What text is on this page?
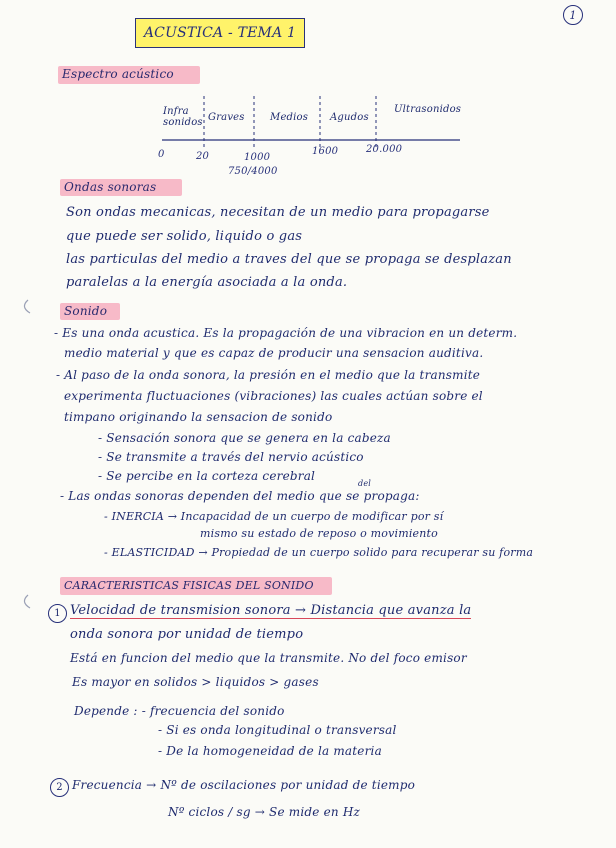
ACUSTICA - TEMA 1
1
Espectro acústico
Infra sonidos Graves	Medios Agudos
Ultrasonidos
0	20	1000
1600	20.000
750/4000
Ondas sonoras
Son ondas mecanicas, necesitan de un medio para propagarse
que puede ser solido, liquido o gas
las particulas del medio a traves del que se propaga se desplazan
paralelas a la energía asociada a la onda.
Sonido
- Es una onda acustica. Es la propagación de una vibracion en un determ.
medio material y que es capaz de producir una sensacion auditiva.
- Al paso de la onda sonora, la presión en el medio que la transmite
experimenta fluctuaciones (vibraciones) las cuales actúan sobre el
timpano originando la sensacion de sonido
- Sensación sonora que se genera en la cabeza
- Se transmite a través del nervio acústico
- Se percibe en la corteza cerebral
del
- Las ondas sonoras dependen del medio que se propaga:
- INERCIA → Incapacidad de un cuerpo de modificar por sí
mismo su estado de reposo o movimiento
- ELASTICIDAD → Propiedad de un cuerpo solido para recuperar su forma
CARACTERISTICAS FISICAS DEL SONIDO
1 Velocidad de transmision sonora → Distancia que avanza la
onda sonora por unidad de tiempo
Está en funcion del medio que la transmite. No del foco emisor
Es mayor en solidos > liquidos > gases
Depende : - frecuencia del sonido
- Si es onda longitudinal o transversal
- De la homogeneidad de la materia
2 Frecuencia → Nº de oscilaciones por unidad de tiempo
Nº ciclos / sg → Se mide en Hz
